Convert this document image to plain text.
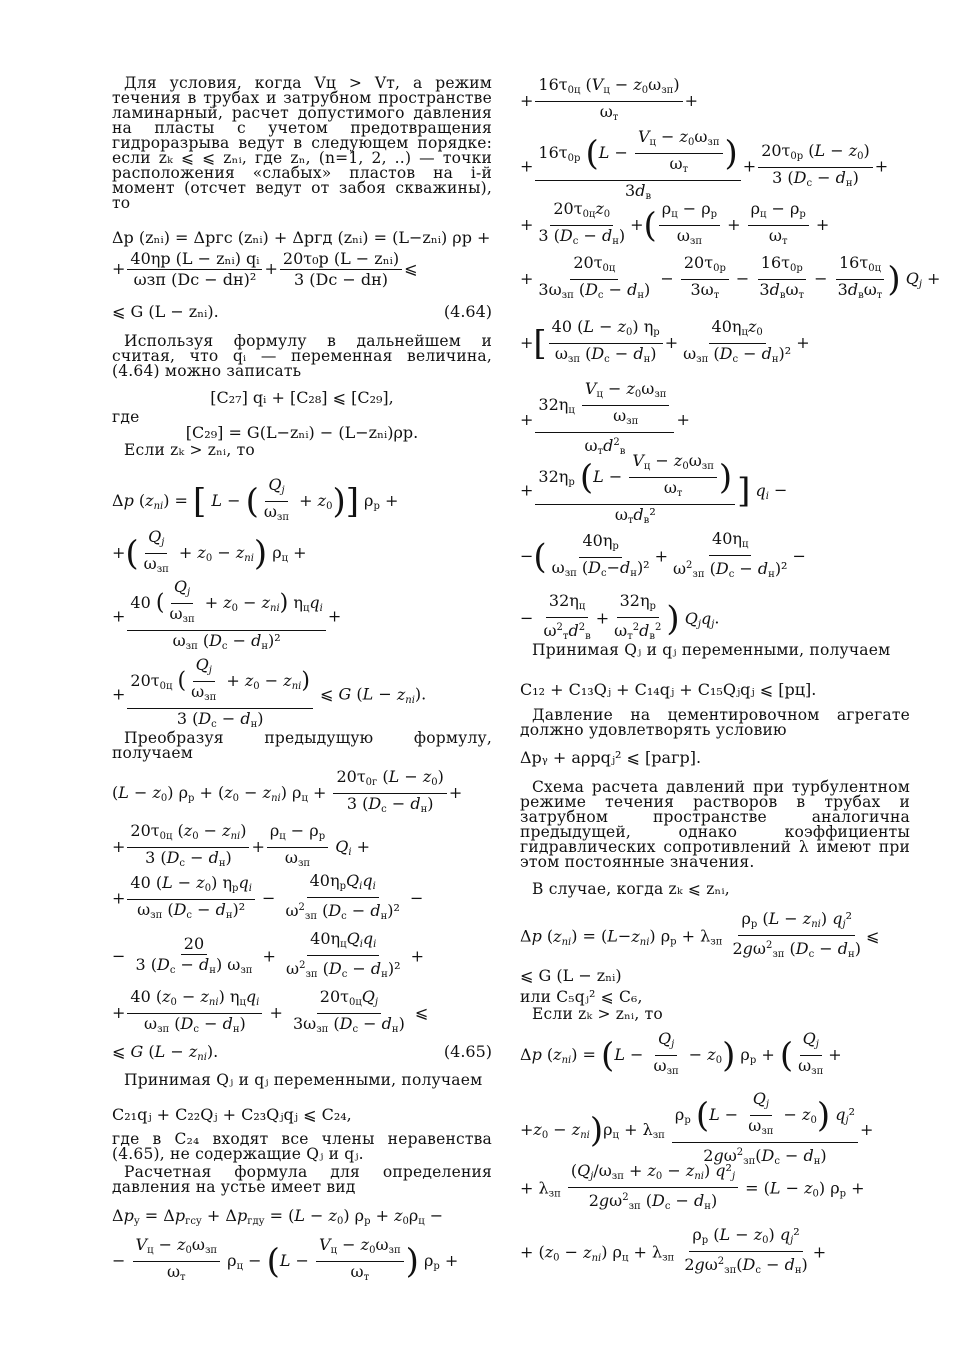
Для условия, когда Vц > Vт, а режим течения в трубах и затрубном пространстве ламинарный, расчет допустимого давления на пласты с учетом предотвращения гидроразрыва ведут в следующем порядке: если zₖ ⩽ ⩽ zₙᵢ, где zₙ, (n=1, 2, ..) — точки расположения «слабых» пластов на i-й момент (отсчет ведут от забоя скважины), то
Δp (zₙᵢ) = Δpгс (zₙᵢ) + Δpгд (zₙᵢ) = (L−zₙᵢ) ρр +
+ $\frac{\text{40ηр (L − zₙᵢ) qᵢ}}{\text{ωзп (Dс − dн)²}} + \frac{\text{20τ₀р (L − zₙᵢ)}}{3 (Dс - dн)}$ ⩽
⩽ G (L − zₙᵢ).	(4.64)
Используя формулу в дальнейшем и считая, что qᵢ — переменная величина, (4.64) можно записать
[C₂₇] qᵢ + [C₂₈] ⩽ [C₂₉],
где
[C₂₉] = G(L−zₙᵢ) − (L−zₙᵢ)ρр.
Если zₖ > zₙᵢ, то
Δp $(z_{ni})$ = [ L − ( $\frac{Q_j}{\omega_{зп}} + z_0$)] $\rho_р$ +
+( $\frac{Q_j}{\omega_{зп}} + z_0 - z_{ni}$) $\rho_ц$ +
+ $\frac{40 ( \frac{Q_j}{\omega_{зп}} + z_0 - z_{ni}) \eta_цq_i}{\omega_{зп} (D_с - d_н)^2}$ +
+ $\frac{20\tau_{0ц} ( \frac{Q_j}{\omega_{зп}} + z_0 - z_{ni})}{3 (D_с - d_н)}$ ⩽ G $(L - z_{ni})$.
Преобразуя предыдущую формулу, получаем
$(L - z_0)$ $\rho_р + (z_0 - z_{ni}) \rho_ц + \frac{20\tau_{0г} (L - z_0)}{3 (D_с - d_н)}$ +
+ $\frac{20\tau_{0ц} (z_0 - z_{ni})}{3 (D_с - d_н)} + \frac{\rho_ц - \rho_р}{\omega_{зп}} Q_i$ +
+ $\frac{40 (L - z_0) \eta_рq_i}{\omega_{зп} (D_с - d_н)^2} - \frac{40\eta_рQ_iq_i}{\omega^2_{зп} (D_с - d_н)^2}$ −
− $\frac{20}{3 (D_с - d_н) \omega_{зп}} + \frac{40\eta_цQ_iq_i}{\omega^2_{зп} (D_с - d_н)^2}$ +
+ $\frac{40 (z_0 - z_{ni}) \eta_цq_i}{\omega_{зп} (D_с - d_н)} + \frac{20\tau_{0ц}Q_j}{3\omega_{зп} (D_с - d_н)}$ ⩽
⩽ G $(L - z_{ni})$.	(4.65)
Принимая Qⱼ и qⱼ переменными, получаем
C₂₁qⱼ + C₂₂Qⱼ + C₂₃Qⱼqⱼ ⩽ C₂₄,
где в C₂₄ входят все члены неравенства (4.65), не содержащие Qⱼ и qⱼ.
Расчетная формула для определения давления на устье имеет вид
$\Delta p_у = \Delta p_{гсу} + \Delta p_{гду} = (L - z_0) \rho_р + z_0\rho_ц$ −
− $\frac{V_ц - z_0\omega_{зп}}{\omega_т} \rho_ц - (L - \frac{V_ц - z_0\omega_{зп}}{\omega_т}$ ) $\rho_р$ +
+ $\frac{16\tau_{0ц} (V_ц - z_0\omega_{зп})}{\omega_т}$ +
+ $\frac{16\tau_{0р} (L - \frac{V_ц - z_0\omega_{зп}}{\omega_т} )}{3d_в} + \frac{20\tau_{0р} (L - z_0)}{3 (D_с - d_н)}$ +
+ $\frac{20\tau_{0ц}z_0}{3 (D_с - d_н)}$ +( $\frac{\rho_ц - \rho_р}{\omega_{зп}} + \frac{\rho_ц - \rho_р}{\omega_т}$ +
+ $\frac{20\tau_{0ц}}{3\omega_{зп} (D_с - d_н)} - \frac{20\tau_{0р}}{3\omega_т} - \frac{16\tau_{0р}}{3d_в\omega_т} - \frac{16\tau_{0ц}}{3d_в\omega_т}$ ) $Q_j$ +
+[ $\frac{40 (L - z_0) \eta_р}{\omega_{зп} (D_с - d_н)} + \frac{40\eta_цz_0}{\omega_{зп} (D_с - d_н)^2}$ +
+ $\frac{32\eta_ц \frac{V_ц - z_0\omega_{зп}}{\omega_{зп}}}{\omega_тd^2_в}$ +
+ $\frac{32\eta_р (L - \frac{V_ц - z_0\omega_{зп}}{\omega_т} )}{\omega_тd_в^2}$ ] $q_i$ −
−( $\frac{40\eta_р}{\omega_{зп} (D_с-d_н)^2} + \frac{40\eta_ц}{\omega^2_{зп} (D_с - d_н)^2}$ −
− $\frac{32\eta_ц}{\omega^2_тd^2_в} + \frac{32\eta_р}{\omega_т^2d_в^2}$ ) $Q_jq_j$.
Принимая Qⱼ и qⱼ переменными, получаем
C₁₂ + C₁₃Qⱼ + C₁₄qⱼ + C₁₅Qⱼqⱼ ⩽ [pц].
Давление на цементировочном агрегате должно удовлетворять условию
Δpᵧ + aρрqⱼ² ⩽ [pагр].
Схема расчета давлений при турбулентном режиме течения растворов в трубах и затрубном пространстве аналогична предыдущей, однако коэффициенты гидравлических сопротивлений λ имеют при этом постоянные значения.
В случае, когда zₖ ⩽ zₙᵢ,
Δp $(z_{ni}) = (L-z_{ni}) \rho_р + \lambda_{зп} \frac{\rho_р (L - z_{ni}) q_j^2}{2g\omega^2_{зп} (D_с - d_н)}$ ⩽
⩽ G (L − zₙᵢ)
или C₅qⱼ² ⩽ C₆,
Если zₖ > zₙᵢ, то
Δp $(z_{ni}) = (L - \frac{Q_j}{\omega_{зп}} - z_0) \rho_р$ + ( $\frac{Q_j}{\omega_{зп}}$ +
$+z_0 - z_{ni})\rho_ц + \lambda_{зп} \frac{\rho_р (L - \frac{Q_j}{\omega_{зп}} - z_0) q_j^2}{2g\omega^2_{зп}(D_с - d_н)}$ +
+ $\lambda_{зп} \frac{(Q_j/\omega_{зп} + z_0 - z_{ni}) q^2_j}{2g\omega^2_{зп} (D_с - d_н)} = (L - z_0) \rho_р$ +
+ $(z_0 - z_{ni}) \rho_ц + \lambda_{зп} \frac{\rho_р (L - z_0) q_j^2}{2g\omega^2_{зп}(D_с - d_н)}$ +
